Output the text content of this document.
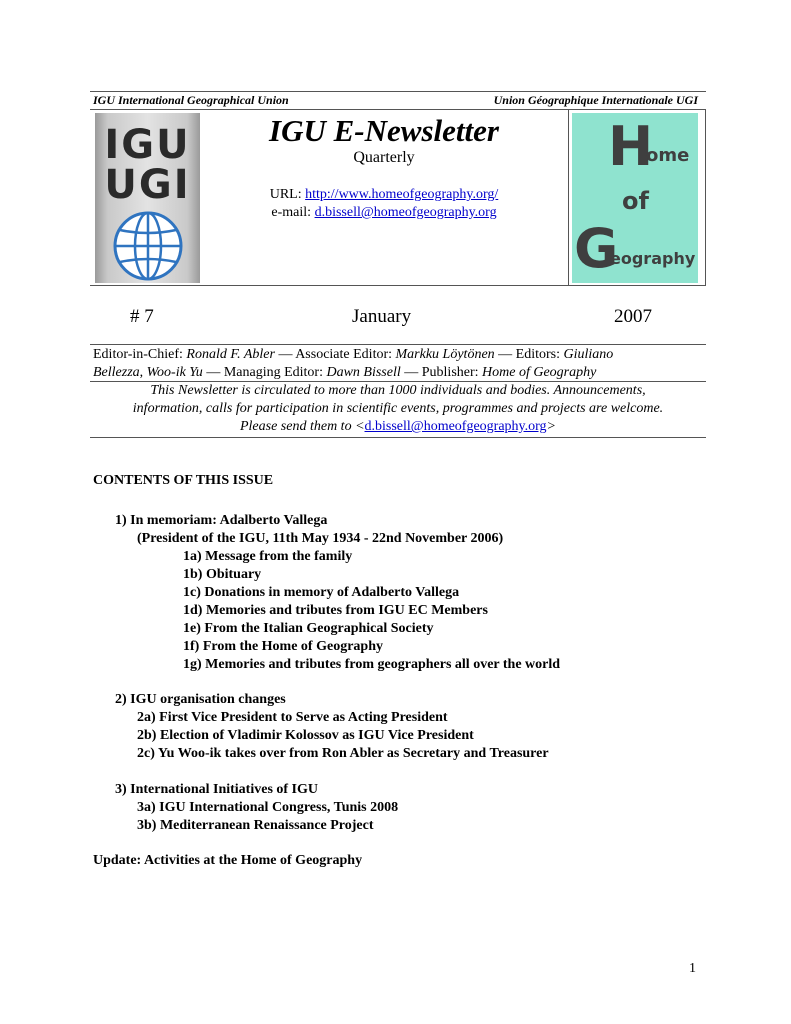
IGU International Geographical Union	Union Géographique Internationale UGI
IGU
UGI
IGU E-Newsletter
Quarterly
URL: http://www.homeofgeography.org/
e-mail: d.bissell@homeofgeography.org
H
ome
of
G
eography
# 7	January	2007
Editor-in-Chief: Ronald F. Abler — Associate Editor: Markku Löytönen — Editors: Giuliano
Bellezza, Woo-ik Yu — Managing Editor: Dawn Bissell — Publisher: Home of Geography
This Newsletter is circulated to more than 1000 individuals and bodies. Announcements,
information, calls for participation in scientific events, programmes and projects are welcome.
Please send them to <d.bissell@homeofgeography.org>
CONTENTS OF THIS ISSUE
1) In memoriam: Adalberto Vallega
(President of the IGU, 11th May 1934 - 22nd November 2006)
1a) Message from the family
1b) Obituary
1c) Donations in memory of Adalberto Vallega
1d) Memories and tributes from IGU EC Members
1e) From the Italian Geographical Society
1f) From the Home of Geography
1g) Memories and tributes from geographers all over the world
2) IGU organisation changes
2a) First Vice President to Serve as Acting President
2b) Election of Vladimir Kolossov as IGU Vice President
2c) Yu Woo-ik takes over from Ron Abler as Secretary and Treasurer
3) International Initiatives of IGU
3a) IGU International Congress, Tunis 2008
3b) Mediterranean Renaissance Project
Update: Activities at the Home of Geography
1
